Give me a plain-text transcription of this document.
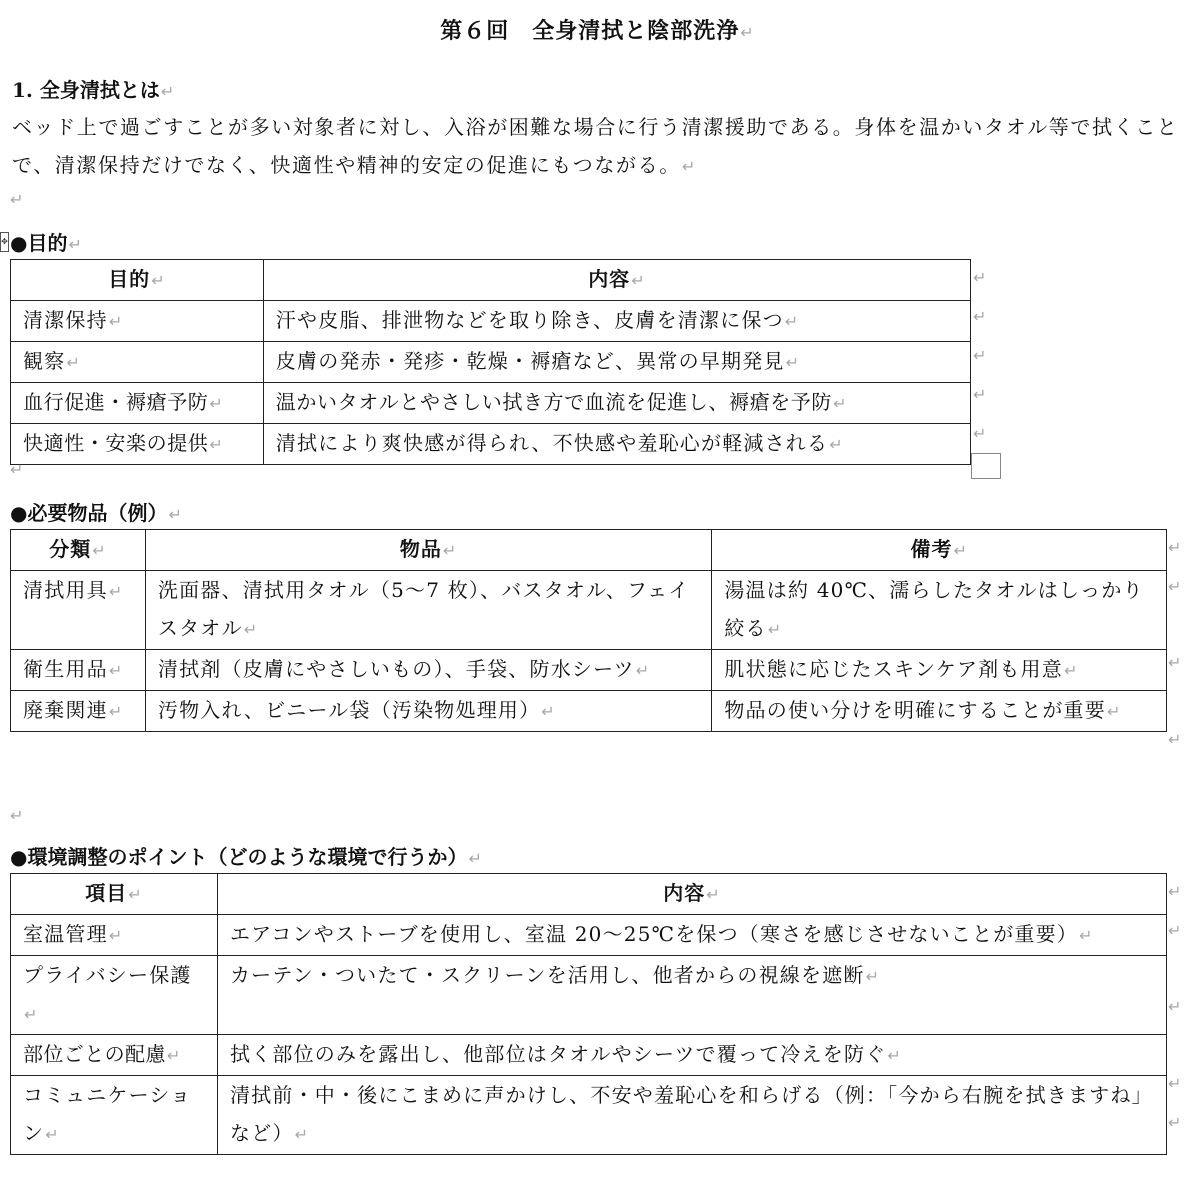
第６回　全身清拭と陰部洗浄↵
1. 全身清拭とは↵
ベッド上で過ごすことが多い対象者に対し、入浴が困難な場合に行う清潔援助である。身体を温かいタオル等で拭くことで、清潔保持だけでなく、快適性や精神的安定の促進にもつながる。↵
↵
✥ ●目的↵
目的↵	内容↵
清潔保持↵	汗や皮脂、排泄物などを取り除き、皮膚を清潔に保つ↵
観察↵	皮膚の発赤・発疹・乾燥・褥瘡など、異常の早期発見↵
血行促進・褥瘡予防↵	温かいタオルとやさしい拭き方で血流を促進し、褥瘡を予防↵
快適性・安楽の提供↵	清拭により爽快感が得られ、不快感や羞恥心が軽減される↵
↵
↵
↵
↵
↵
↵
●必要物品（例）↵
分類↵	物品↵	備考↵
清拭用具↵	洗面器、清拭用タオル（5〜7 枚）、バスタオル、フェイスタオル↵	湯温は約 40℃、濡らしたタオルはしっかり絞る↵
衛生用品↵	清拭剤（皮膚にやさしいもの）、手袋、防水シーツ↵	肌状態に応じたスキンケア剤も用意↵
廃棄関連↵	汚物入れ、ビニール袋（汚染物処理用）↵	物品の使い分けを明確にすることが重要↵
↵
↵
↵
↵
↵
●環境調整のポイント（どのような環境で行うか）↵
項目↵	内容↵
室温管理↵	エアコンやストーブを使用し、室温 20〜25℃を保つ（寒さを感じさせないことが重要）↵
プライバシー保護↵	カーテン・ついたて・スクリーンを活用し、他者からの視線を遮断↵
部位ごとの配慮↵	拭く部位のみを露出し、他部位はタオルやシーツで覆って冷えを防ぐ↵
コミュニケーション↵	清拭前・中・後にこまめに声かけし、不安や羞恥心を和らげる（例：「今から右腕を拭きますね」など）↵
↵
↵
↵
↵
↵
